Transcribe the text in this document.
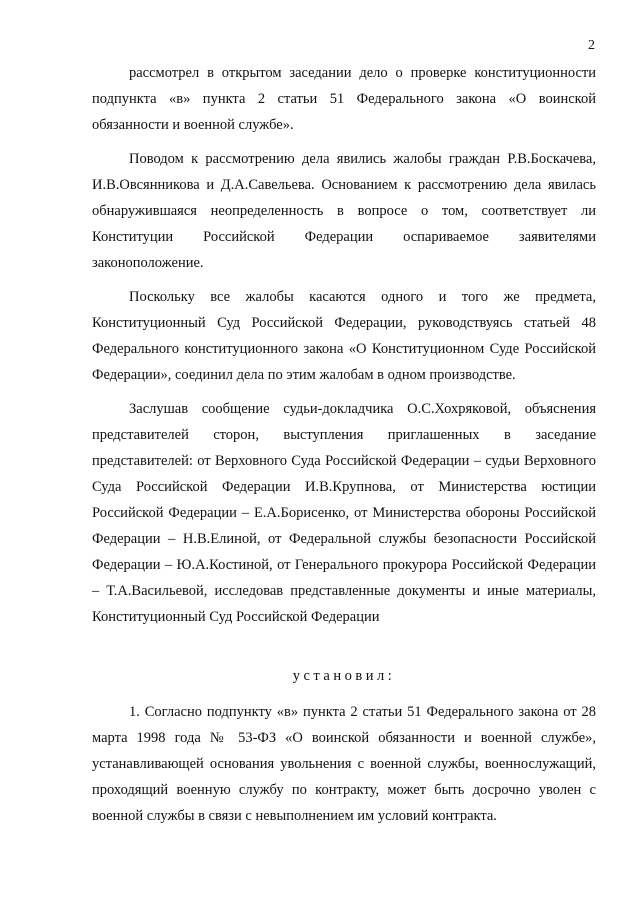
2

рассмотрел в открытом заседании дело о проверке конституционности подпункта «в» пункта 2 статьи 51 Федерального закона «О воинской обязанности и военной службе».

Поводом к рассмотрению дела явились жалобы граждан Р.В.Боскачева, И.В.Овсянникова и Д.А.Савельева. Основанием к рассмотрению дела явилась обнаружившаяся неопределенность в вопросе о том, соответствует ли Конституции Российской Федерации оспариваемое заявителями законоположение.

Поскольку все жалобы касаются одного и того же предмета, Конституционный Суд Российской Федерации, руководствуясь статьей 48 Федерального конституционного закона «О Конституционном Суде Российской Федерации», соединил дела по этим жалобам в одном производстве.

Заслушав сообщение судьи-докладчика О.С.Хохряковой, объяснения представителей сторон, выступления приглашенных в заседание представителей: от Верховного Суда Российской Федерации – судьи Верховного Суда Российской Федерации И.В.Крупнова, от Министерства юстиции Российской Федерации – Е.А.Борисенко, от Министерства обороны Российской Федерации – Н.В.Елиной, от Федеральной службы безопасности Российской Федерации – Ю.А.Костиной, от Генерального прокурора Российской Федерации – Т.А.Васильевой, исследовав представленные документы и иные материалы, Конституционный Суд Российской Федерации

установил:

1. Согласно подпункту «в» пункта 2 статьи 51 Федерального закона от 28 марта 1998 года № 53-ФЗ «О воинской обязанности и военной службе», устанавливающей основания увольнения с военной службы, военнослужащий, проходящий военную службу по контракту, может быть досрочно уволен с военной службы в связи с невыполнением им условий контракта.
